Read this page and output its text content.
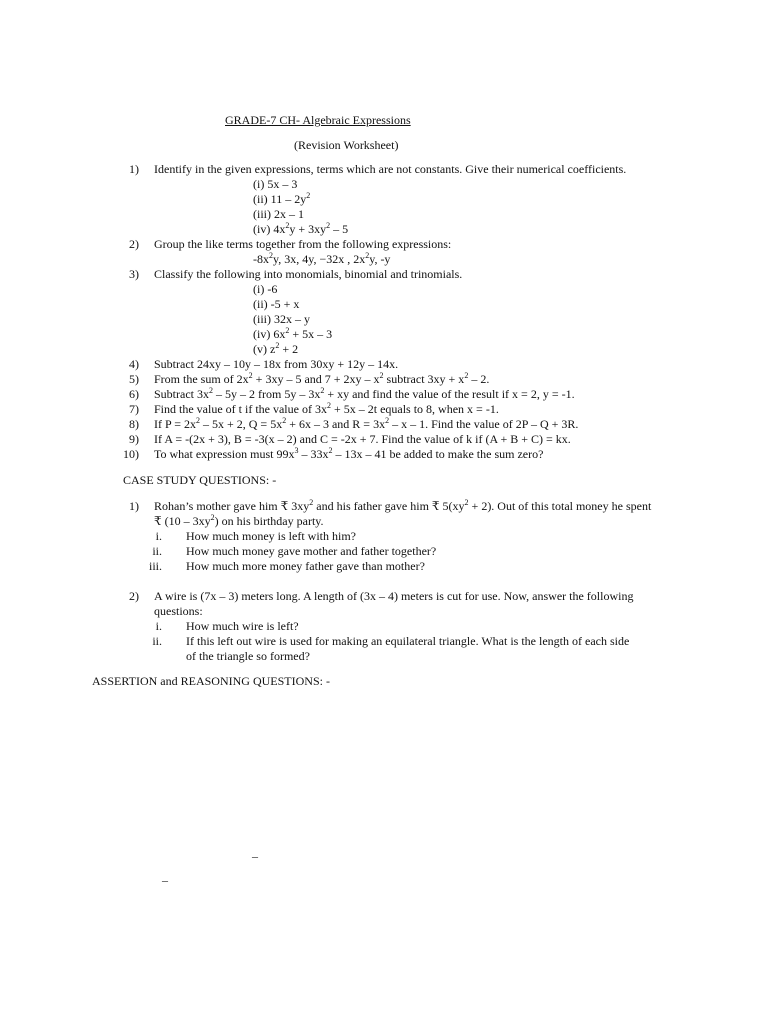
GRADE-7 CH- Algebraic Expressions
(Revision Worksheet)
1)	Identify in the given expressions, terms which are not constants. Give their numerical coefficients.
(i) 5x – 3
(ii) $11 - 2y^2$
(iii) 2x – 1
(iv) $4x^2y + 3xy^2 - 5$
2)	Group the like terms together from the following expressions:
$-8x^2y$, 3x, 4y, −32x , $2x^2y$, -y
3)	Classify the following into monomials, binomial and trinomials.
(i) -6
(ii) -5 + x
(iii) 32x – y
(iv) $6x^2 + 5x - 3$
(v) $z^2 + 2$
4)	Subtract 24xy – 10y – 18x from 30xy + 12y – 14x.
5)	From the sum of $2x^2 + 3xy - 5$ and $7 + 2xy - x^2$ subtract $3xy + x^2 - 2$.
6)	Subtract $3x^2 - 5y - 2$ from $5y - 3x^2$ + xy and find the value of the result if x = 2, y = -1.
7)	Find the value of t if the value of $3x^2 + 5x - 2t$ equals to 8, when x = -1.
8)	If $P = 2x^2 - 5x + 2$, $Q = 5x^2 + 6x - 3$ and $R = 3x^2 - x - 1$. Find the value of 2P – Q + 3R.
9)	If A = -(2x + 3), B = -3(x – 2) and C = -2x + 7. Find the value of k if (A + B + C) = kx.
10)	To what expression must $99x^3 - 33x^2 - 13x - 41$ be added to make the sum zero?
CASE STUDY QUESTIONS: -
1)	Rohan’s mother gave him ₹ $3xy^2$ and his father gave him ₹ $5(xy^2 + 2)$. Out of this total money he spent
₹ $(10 - 3xy^2)$ on his birthday party.
i.	How much money is left with him?
ii.	How much money gave mother and father together?
iii.	How much more money father gave than mother?
2)	A wire is (7x – 3) meters long. A length of (3x – 4) meters is cut for use. Now, answer the following
questions:
i.	How much wire is left?
ii.	If this left out wire is used for making an equilateral triangle. What is the length of each side
of the triangle so formed?
ASSERTION and REASONING QUESTIONS: -
–
–
